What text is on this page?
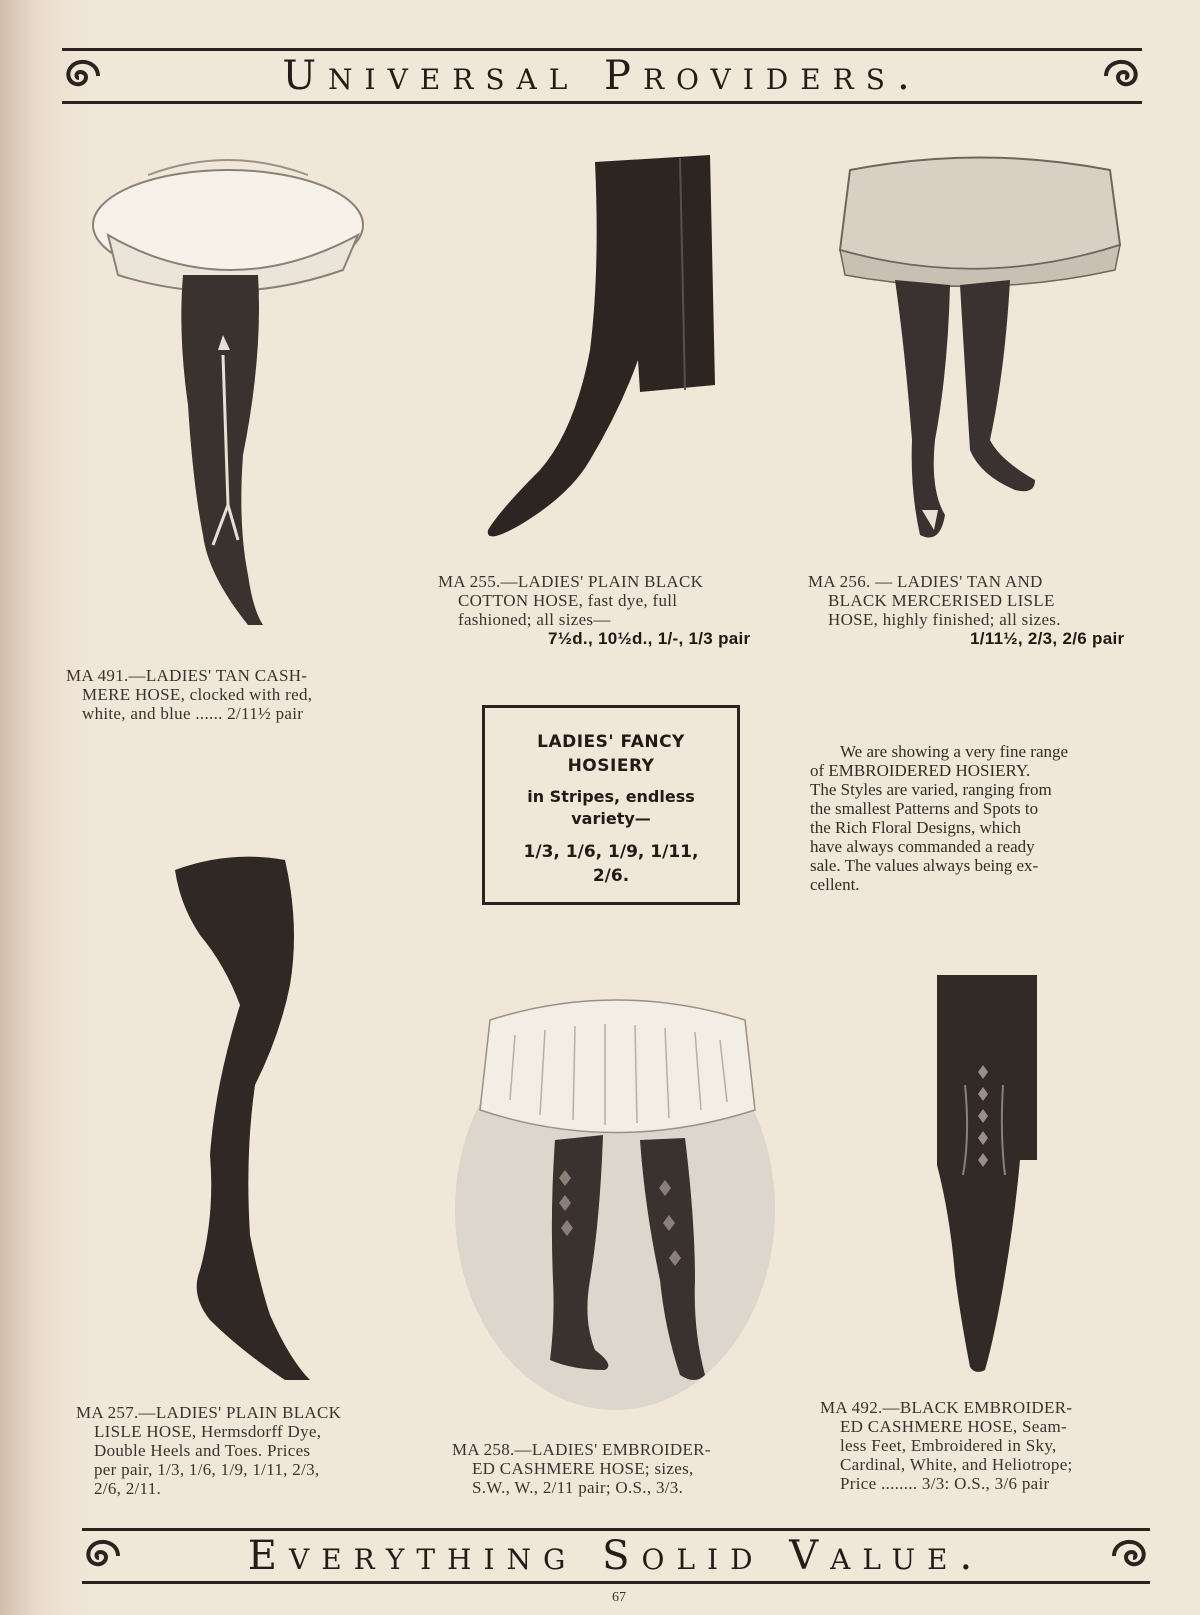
Universal Providers.
MA 491.—LADIES' TAN CASH-
MERE HOSE, clocked with red,
white, and blue ...... 2/11½ pair
MA 255.—LADIES' PLAIN BLACK
COTTON HOSE, fast dye, full
fashioned; all sizes—
7½d., 10½d., 1/-, 1/3 pair
MA 256. — LADIES' TAN AND
BLACK MERCERISED LISLE
HOSE, highly finished; all sizes.
1/11½, 2/3, 2/6 pair
LADIES' FANCY
HOSIERY
in Stripes, endless
variety—
1/3, 1/6, 1/9, 1/11,
2/6.
We are showing a very fine range
of EMBROIDERED HOSIERY.
The Styles are varied, ranging from
the smallest Patterns and Spots to
the Rich Floral Designs, which
have always commanded a ready
sale. The values always being ex-
cellent.
MA 257.—LADIES' PLAIN BLACK
LISLE HOSE, Hermsdorff Dye,
Double Heels and Toes. Prices
per pair, 1/3, 1/6, 1/9, 1/11, 2/3,
2/6, 2/11.
MA 258.—LADIES' EMBROIDER-
ED CASHMERE HOSE; sizes,
S.W., W., 2/11 pair; O.S., 3/3.
MA 492.—BLACK EMBROIDER-
ED CASHMERE HOSE, Seam-
less Feet, Embroidered in Sky,
Cardinal, White, and Heliotrope;
Price ........ 3/3: O.S., 3/6 pair
Everything Solid Value.
67
